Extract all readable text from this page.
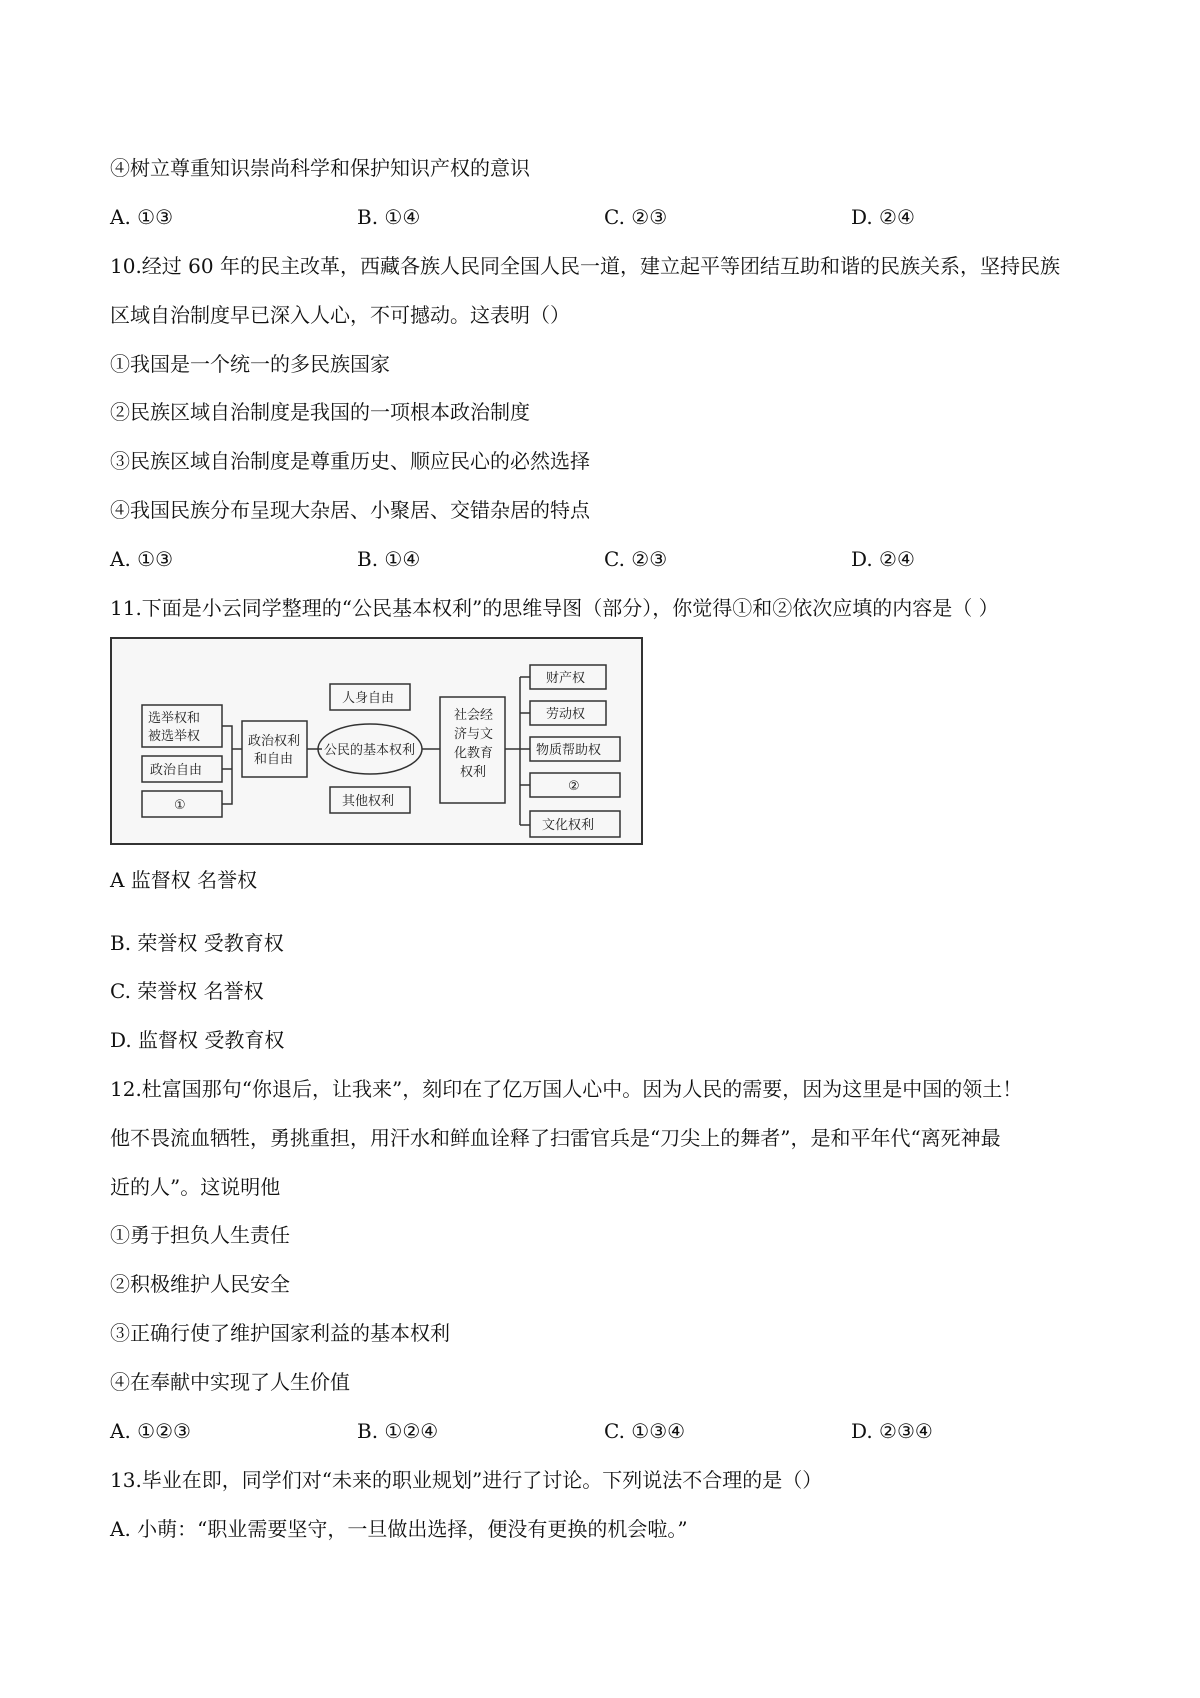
④树立尊重知识崇尚科学和保护知识产权的意识
A. ①③	B. ①④	C. ②③	D. ②④
10.经过 60 年的民主改革，西藏各族人民同全国人民一道，建立起平等团结互助和谐的民族关系，坚持民族
区域自治制度早已深入人心，不可撼动。这表明（）
①我国是一个统一的多民族国家
②民族区域自治制度是我国的一项根本政治制度
③民族区域自治制度是尊重历史、顺应民心的必然选择
④我国民族分布呈现大杂居、小聚居、交错杂居的特点
A. ①③	B. ①④	C. ②③	D. ②④
11.下面是小云同学整理的“公民基本权利”的思维导图（部分），你觉得①和②依次应填的内容是（ ）
选举权和
被选举权
政治自由
①
政治权利
和自由
人身自由
公民的基本权利
其他权利
社会经
济与文
化教育
权利
财产权
劳动权
物质帮助权
②
文化权利
A 监督权 名誉权
B. 荣誉权 受教育权
C. 荣誉权 名誉权
D. 监督权 受教育权
12.杜富国那句“你退后，让我来”，刻印在了亿万国人心中。因为人民的需要，因为这里是中国的领土！
他不畏流血牺牲，勇挑重担，用汗水和鲜血诠释了扫雷官兵是“刀尖上的舞者”，是和平年代“离死神最
近的人”。这说明他
①勇于担负人生责任
②积极维护人民安全
③正确行使了维护国家利益的基本权利
④在奉献中实现了人生价值
A. ①②③	B. ①②④	C. ①③④	D. ②③④
13.毕业在即，同学们对“未来的职业规划”进行了讨论。下列说法不合理的是（）
A. 小萌：“职业需要坚守，一旦做出选择，便没有更换的机会啦。”
